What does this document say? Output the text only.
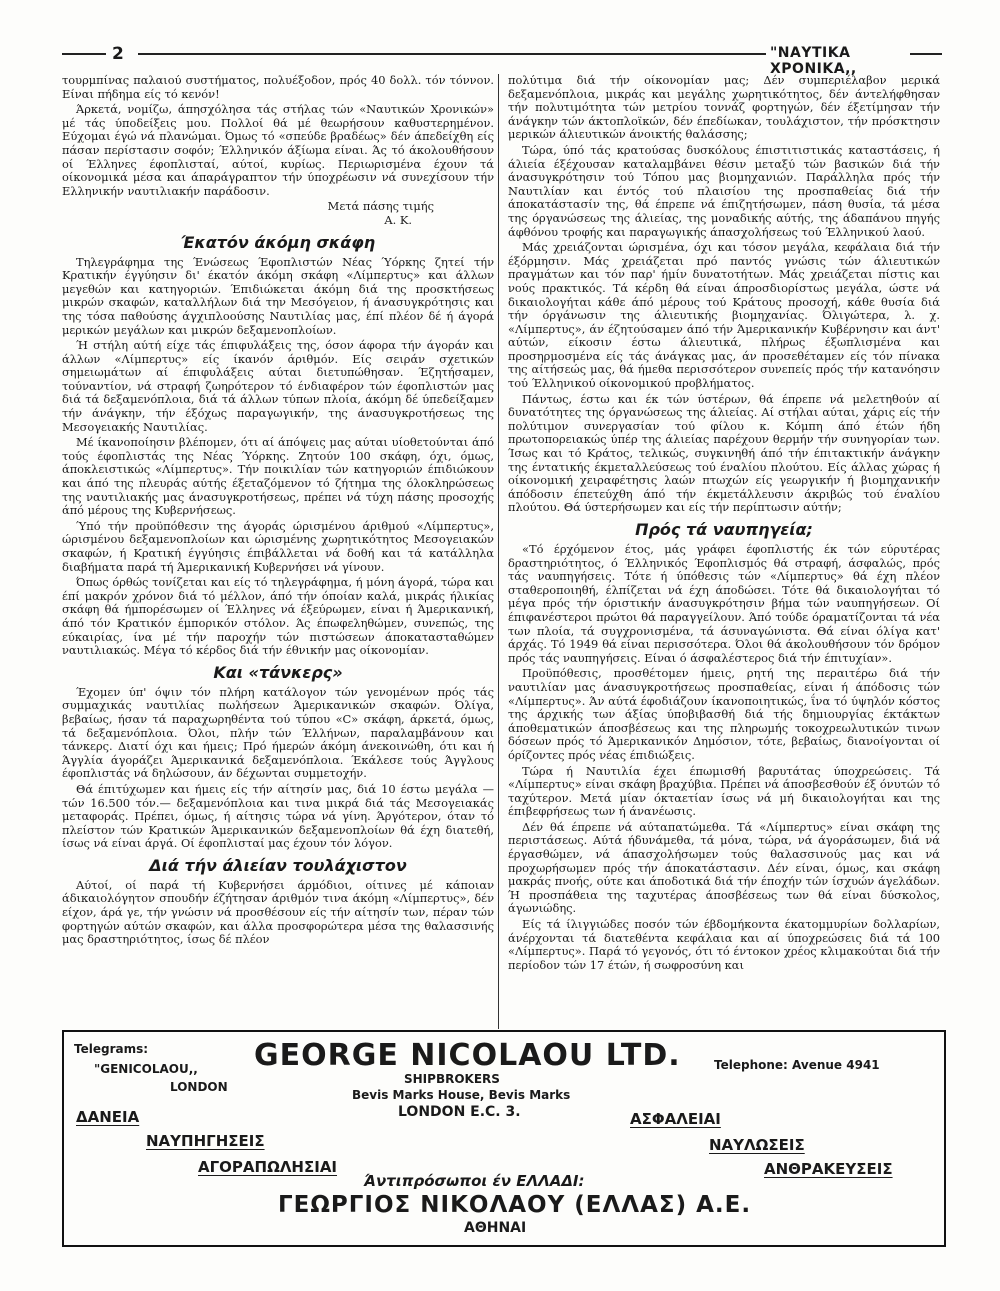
2	"ΝΑΥΤΙΚΑ ΧΡΟΝΙΚΑ,,

τουρμπίνας παλαιού συστήματος, πολυέξοδον, πρός 40 δολλ. τόν τόννον. Είναι πήδημα είς τό κενόν!

Άρκετά, νομίζω, άπησχόλησα τάς στήλας τών «Ναυτικών Χρονικών» μέ τάς ύποδείξεις μου. Πολλοί θά μέ θεωρήσουν καθυστερημένον. Εύχομαι έγώ νά πλανώμαι. Όμως τό «σπεύδε βραδέως» δέν άπεδείχθη είς πάσαν περίστασιν σοφόν; Έλληνικόν άξίωμα είναι. Άς τό άκολουθήσουν οί Έλληνες έφοπλισταί, αύτοί, κυρίως. Περιωρισμένα έχουν τά οίκονομικά μέσα και άπαράγραπτον τήν ύποχρέωσιν νά συνεχίσουν τήν Ελληνικήν ναυτιλιακήν παράδοσιν.

Μετά πάσης τιμής
Α. Κ.
Έκατόν άκόμη σκάφη

Τηλεγράφημα της Ένώσεως Έφοπλιστών Νέας Ύόρκης ζητεί τήν Κρατικήν έγγύησιν δι' έκατόν άκόμη σκάφη «Λίμπερτυς» και άλλων μεγεθών και κατηγοριών. Έπιδιώκεται άκόμη διά της προσκτήσεως μικρών σκαφών, καταλλήλων διά την Μεσόγειον, ή άνασυγκρότησις και της τόσα παθούσης άγχιπλοούσης Ναυτιλίας μας, έπί πλέον δέ ή άγορά μερικών μεγάλων και μικρών δεξαμενοπλοίων.

Ή στήλη αύτή είχε τάς έπιφυλάξεις της, όσον άφορα τήν άγοράν και άλλων «Λίμπερτυς» είς ίκανόν άριθμόν. Είς σειράν σχετικών σημειωμάτων αί έπιφυλάξεις αύται διετυπώθησαν. Έζητήσαμεν, τούναντίον, νά στραφή ζωηρότερον τό ένδιαφέρον τών έφοπλιστών μας διά τά δεξαμενόπλοια, διά τά άλλων τύπων πλοία, άκόμη δέ ύπεδείξαμεν τήν άνάγκην, τήν έξόχως παραγωγικήν, της άνασυγκροτήσεως της Μεσογειακής Ναυτιλίας.

Μέ ίκανοποίησιν βλέπομεν, ότι αί άπόψεις μας αύται υίοθετούνται άπό τούς έφοπλιστάς της Νέας Ύόρκης. Ζητούν 100 σκάφη, όχι, όμως, άποκλειστικώς «Λίμπερτυς». Τήν ποικιλίαν τών κατηγοριών έπιδιώκουν και άπό της πλευράς αύτής έξεταζόμενον τό ζήτημα της όλοκληρώσεως της ναυτιλιακής μας άνασυγκροτήσεως, πρέπει νά τύχη πάσης προσοχής άπό μέρους της Κυβερνήσεως.

Ύπό τήν προϋπόθεσιν της άγοράς ώρισμένου άριθμού «Λίμπερτυς», ώρισμένου δεξαμενοπλοίων και ώρισμένης χωρητικότητος Μεσογειακών σκαφών, ή Κρατική έγγύησις έπιβάλλεται νά δοθή και τά κατάλληλα διαβήματα παρά τή Άμερικανική Κυβερνήσει νά γίνουν.

Όπως όρθώς τονίζεται και είς τό τηλεγράφημα, ή μόνη άγορά, τώρα και έπί μακρόν χρόνον διά τό μέλλον, άπό τήν όποίαν καλά, μικράς ήλικίας σκάφη θά ήμπορέσωμεν οί Έλληνες νά έξεύρωμεν, είναι ή Άμερικανική, άπό τόν Κρατικόν έμπορικόν στόλον. Άς έπωφεληθώμεν, συνεπώς, της εύκαιρίας, ίνα μέ τήν παροχήν τών πιστώσεων άποκατασταθώμεν ναυτιλιακώς. Μέγα τό κέρδος διά τήν έθνικήν μας οίκονομίαν.

Και «τάνκερς»

Έχομεν ύπ' όψιν τόν πλήρη κατάλογον τών γενομένων πρός τάς συμμαχικάς ναυτιλίας πωλήσεων Άμερικανικών σκαφών. Όλίγα, βεβαίως, ήσαν τά παραχωρηθέντα τού τύπου «C» σκάφη, άρκετά, όμως, τά δεξαμενόπλοια. Όλοι, πλήν τών Έλλήνων, παραλαμβάνουν και τάνκερς. Διατί όχι και ήμεις; Πρό ήμερών άκόμη άνεκοινώθη, ότι και ή Άγγλία άγοράζει Άμερικανικά δεξαμενόπλοια. Έκάλεσε τούς Άγγλους έφοπλιστάς νά δηλώσουν, άν δέχωνται συμμετοχήν.

Θά έπιτύχωμεν και ήμεις είς τήν αίτησίν μας, διά 10 έστω μεγάλα —τών 16.500 τόν.— δεξαμενόπλοια και τινα μικρά διά τάς Μεσογειακάς μεταφοράς. Πρέπει, όμως, ή αίτησις τώρα νά γίνη. Άργότερον, όταν τό πλείστον τών Κρατικών Άμερικανικών δεξαμενοπλοίων θά έχη διατεθή, ίσως νά είναι άργά. Οί έφοπλισταί μας έχουν τόν λόγον.

Διά τήν άλιείαν τουλάχιστον

Αύτοί, οί παρά τή Κυβερνήσει άρμόδιοι, οίτινες μέ κάποιαν άδικαιολόγητον σπουδήν έζήτησαν άριθμόν τινα άκόμη «Λίμπερτυς», δέν είχον, άρά γε, τήν γνώσιν νά προσθέσουν είς τήν αίτησίν των, πέραν τών φορτηγών αύτών σκαφών, και άλλα προσφορώτερα μέσα της θαλασσινής μας δραστηριότητος, ίσως δέ πλέον

πολύτιμα διά τήν οίκονομίαν μας; Δέν συμπεριέλαβον μερικά δεξαμενόπλοια, μικράς και μεγάλης χωρητικότητος, δέν άντελήφθησαν τήν πολυτιμότητα τών μετρίου τοννάζ φορτηγών, δέν έξετίμησαν τήν άνάγκην τών άκτοπλοϊκών, δέν έπεδίωκαν, τουλάχιστον, τήν πρόσκτησιν μερικών άλιευτικών άνοικτής θαλάσσης;

Τώρα, ύπό τάς κρατούσας δυσκόλους έπιστιτιστικάς καταστάσεις, ή άλιεία έξέχουσαν καταλαμβάνει θέσιν μεταξύ τών βασικών διά τήν άνασυγκρότησιν τού Τόπου μας βιομηχανιών. Παράλληλα πρός τήν Ναυτιλίαν και έντός τού πλαισίου της προσπαθείας διά τήν άποκατάστασίν της, θά έπρεπε νά έπιζητήσωμεν, πάση θυσία, τά μέσα της όργανώσεως της άλιείας, της μοναδικής αύτής, της άδαπάνου πηγής άφθόνου τροφής και παραγωγικής άπασχολήσεως τού Έλληνικού λαού.

Μάς χρειάζονται ώρισμένα, όχι και τόσον μεγάλα, κεφάλαια διά τήν έξόρμησιν. Μάς χρειάζεται πρό παντός γνώσις τών άλιευτικών πραγμάτων και τόν παρ' ήμίν δυνατοτήτων. Μάς χρειάζεται πίστις και νούς πρακτικός. Τά κέρδη θά είναι άπροσδιορίστως μεγάλα, ώστε νά δικαιολογήται κάθε άπό μέρους τού Κράτους προσοχή, κάθε θυσία διά τήν όργάνωσιν της άλιευτικής βιομηχανίας. Όλιγώτερα, λ. χ. «Λίμπερτυς», άν έζητούσαμεν άπό τήν Άμερικανικήν Κυβέρνησιν και άντ' αύτών, είκοσιν έστω άλιευτικά, πλήρως έξωπλισμένα και προσηρμοσμένα είς τάς άνάγκας μας, άν προσεθέταμεν είς τόν πίνακα της αίτήσεώς μας, θά ήμεθα περισσότερον συνεπείς πρός τήν κατανόησιν τού Έλληνικού οίκονομικού προβλήματος.

Πάντως, έστω και έκ τών ύστέρων, θά έπρεπε νά μελετηθούν αί δυνατότητες της όργανώσεως της άλιείας. Αί στήλαι αύται, χάρις είς τήν πολύτιμον συνεργασίαν τού φίλου κ. Κόμπη άπό έτών ήδη πρωτοπορειακώς ύπέρ της άλιείας παρέχουν θερμήν τήν συνηγορίαν των. Ίσως και τό Κράτος, τελικώς, συγκινηθή άπό τήν έπιτακτικήν άνάγκην της έντατικής έκμεταλλεύσεως τού έναλίου πλούτου. Είς άλλας χώρας ή οίκονομική χειραφέτησις λαών πτωχών είς γεωργικήν ή βιομηχανικήν άπόδοσιν έπετεύχθη άπό τήν έκμετάλλευσιν άκριβώς τού έναλίου πλούτου. Θά ύστερήσωμεν και είς τήν περίπτωσιν αύτήν;

Πρός τά ναυπηγεία;

«Τό έρχόμενον έτος, μάς γράφει έφοπλιστής έκ τών εύρυτέρας δραστηριότητος, ό Έλληνικός Έφοπλισμός θά στραφή, άσφαλώς, πρός τάς ναυπηγήσεις. Τότε ή ύπόθεσις τών «Λίμπερτυς» θά έχη πλέον σταθεροποιηθή, έλπίζεται νά έχη άποδώσει. Τότε θά δικαιολογήται τό μέγα πρός τήν όριστικήν άνασυγκρότησιν βήμα τών ναυπηγήσεων. Οί έπιφανέστεροι πρώτοι θά παραγγείλουν. Άπό τούδε όραματίζονται τά νέα των πλοία, τά συγχρονισμένα, τά άσυναγώνιστα. Θά είναι όλίγα κατ' άρχάς. Τό 1949 θά είναι περισσότερα. Όλοι θά άκολουθήσουν τόν δρόμον πρός τάς ναυπηγήσεις. Είναι ό άσφαλέστερος διά τήν έπιτυχίαν».

Προϋπόθεσις, προσθέτομεν ήμεις, ρητή της περαιτέρω διά τήν ναυτιλίαν μας άνασυγκροτήσεως προσπαθείας, είναι ή άπόδοσις τών «Λίμπερτυς». Άν αύτά έφοδιάζουν ίκανοποιητικώς, ΐνα τό ύψηλόν κόστος της άρχικής των άξίας ύποβιβασθή διά τής δημιουργίας έκτάκτων άποθεματικών άποσβέσεως και της πληρωμής τοκοχρεωλυτικών τινων δόσεων πρός τό Άμερικανικόν Δημόσιον, τότε, βεβαίως, διανοίγονται οί όρίζοντες πρός νέας έπιδιώξεις.

Τώρα ή Ναυτιλία έχει έπωμισθή βαρυτάτας ύποχρεώσεις. Τά «Λίμπερτυς» είναι σκάφη βραχύβια. Πρέπει νά άποσβεσθούν έξ όνυτών τό ταχύτερον. Μετά μίαν όκταετίαν ίσως νά μή δικαιολογήται και της έπιβεφρήσεως των ή άνανέωσις.

Δέν θά έπρεπε νά αύταπατώμεθα. Τά «Λίμπερτυς» είναι σκάφη της περιστάσεως. Αύτά ήδυνάμεθα, τά μόνα, τώρα, νά άγοράσωμεν, διά νά έργασθώμεν, νά άπασχολήσωμεν τούς θαλασσινούς μας και νά προχωρήσωμεν πρός τήν άποκατάστασιν. Δέν είναι, όμως, και σκάφη μακράς πνοής, ούτε και άποδοτικά διά τήν έποχήν τών ίσχυών άγελάδων. Ή προσπάθεια της ταχυτέρας άποσβέσεως των θά είναι δύσκολος, άγωνιώδης.

Είς τά ίλιγγιώδες ποσόν τών έβδομήκοντα έκατομμυρίων δολλαρίων, άνέρχονται τά διατεθέντα κεφάλαια και αί ύποχρεώσεις διά τά 100 «Λίμπερτυς». Παρά τό γεγονός, ότι τό έντοκον χρέος κλιμακούται διά τήν περίοδον τών 17 έτών, ή σωφροσύνη και

Telegrams:
"GENICOLAOU,,
LONDON
GEORGE NICOLAOU LTD.	Telephone: Avenue 4941
SHIPBROKERS
Bevis Marks House, Bevis Marks
LONDON E.C. 3.
ΔΑΝΕΙΑ	ΑΣΦΑΛΕΙΑΙ
ΝΑΥΠΗΓΗΣΕΙΣ	ΝΑΥΛΩΣΕΙΣ
ΑΓΟΡΑΠΩΛΗΣΙΑΙ	ΑΝΘΡΑΚΕΥΣΕΙΣ
Άντιπρόσωποι έν ΕΛΛΑΔΙ:
ΓΕΩΡΓΙΟΣ ΝΙΚΟΛΑΟΥ (ΕΛΛΑΣ) Α.Ε.
ΑΘΗΝΑΙ
